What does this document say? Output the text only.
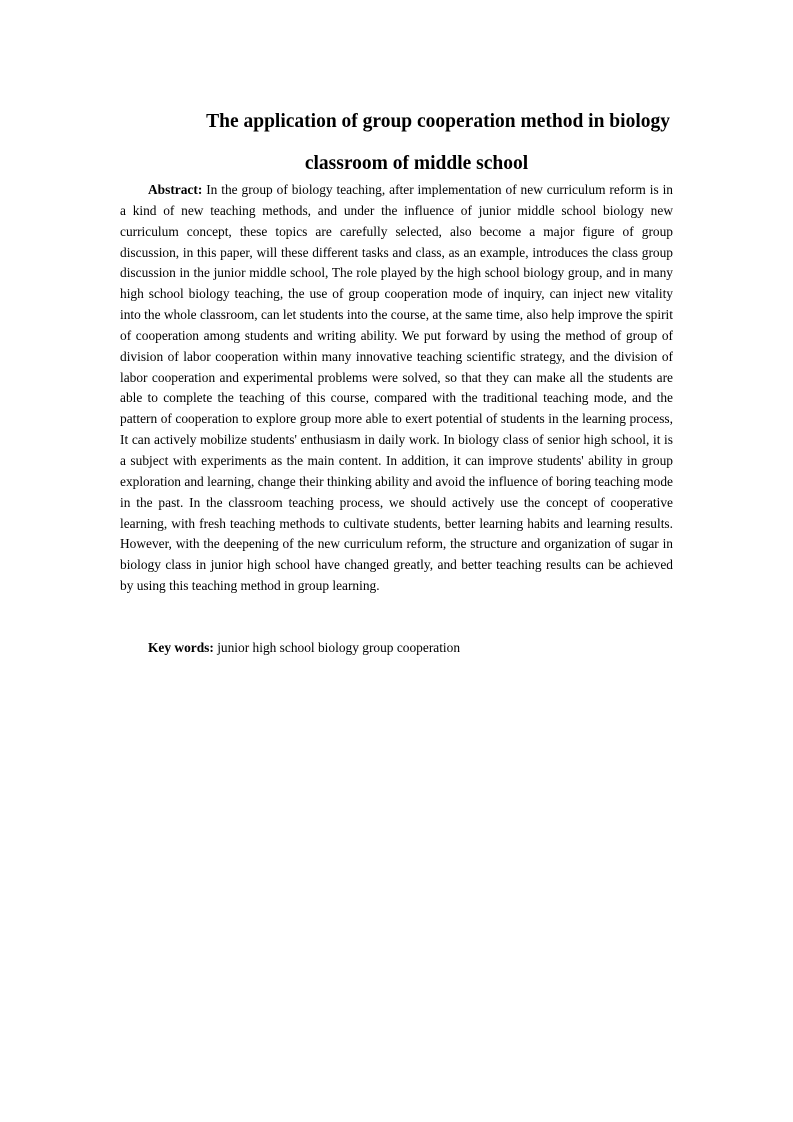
The application of group cooperation method in biology
classroom of middle school

Abstract: In the group of biology teaching, after implementation of new curriculum reform is in a kind of new teaching methods, and under the influence of junior middle school biology new curriculum concept, these topics are carefully selected, also become a major figure of group discussion, in this paper, will these different tasks and class, as an example, introduces the class group discussion in the junior middle school, The role played by the high school biology group, and in many high school biology teaching, the use of group cooperation mode of inquiry, can inject new vitality into the whole classroom, can let students into the course, at the same time, also help improve the spirit of cooperation among students and writing ability. We put forward by using the method of group of division of labor cooperation within many innovative teaching scientific strategy, and the division of labor cooperation and experimental problems were solved, so that they can make all the students are able to complete the teaching of this course, compared with the traditional teaching mode, and the pattern of cooperation to explore group more able to exert potential of students in the learning process, It can actively mobilize students' enthusiasm in daily work. In biology class of senior high school, it is a subject with experiments as the main content. In addition, it can improve students' ability in group exploration and learning, change their thinking ability and avoid the influence of boring teaching mode in the past. In the classroom teaching process, we should actively use the concept of cooperative learning, with fresh teaching methods to cultivate students, better learning habits and learning results. However, with the deepening of the new curriculum reform, the structure and organization of sugar in biology class in junior high school have changed greatly, and better teaching results can be achieved by using this teaching method in group learning.

Key words: junior high school biology group cooperation
